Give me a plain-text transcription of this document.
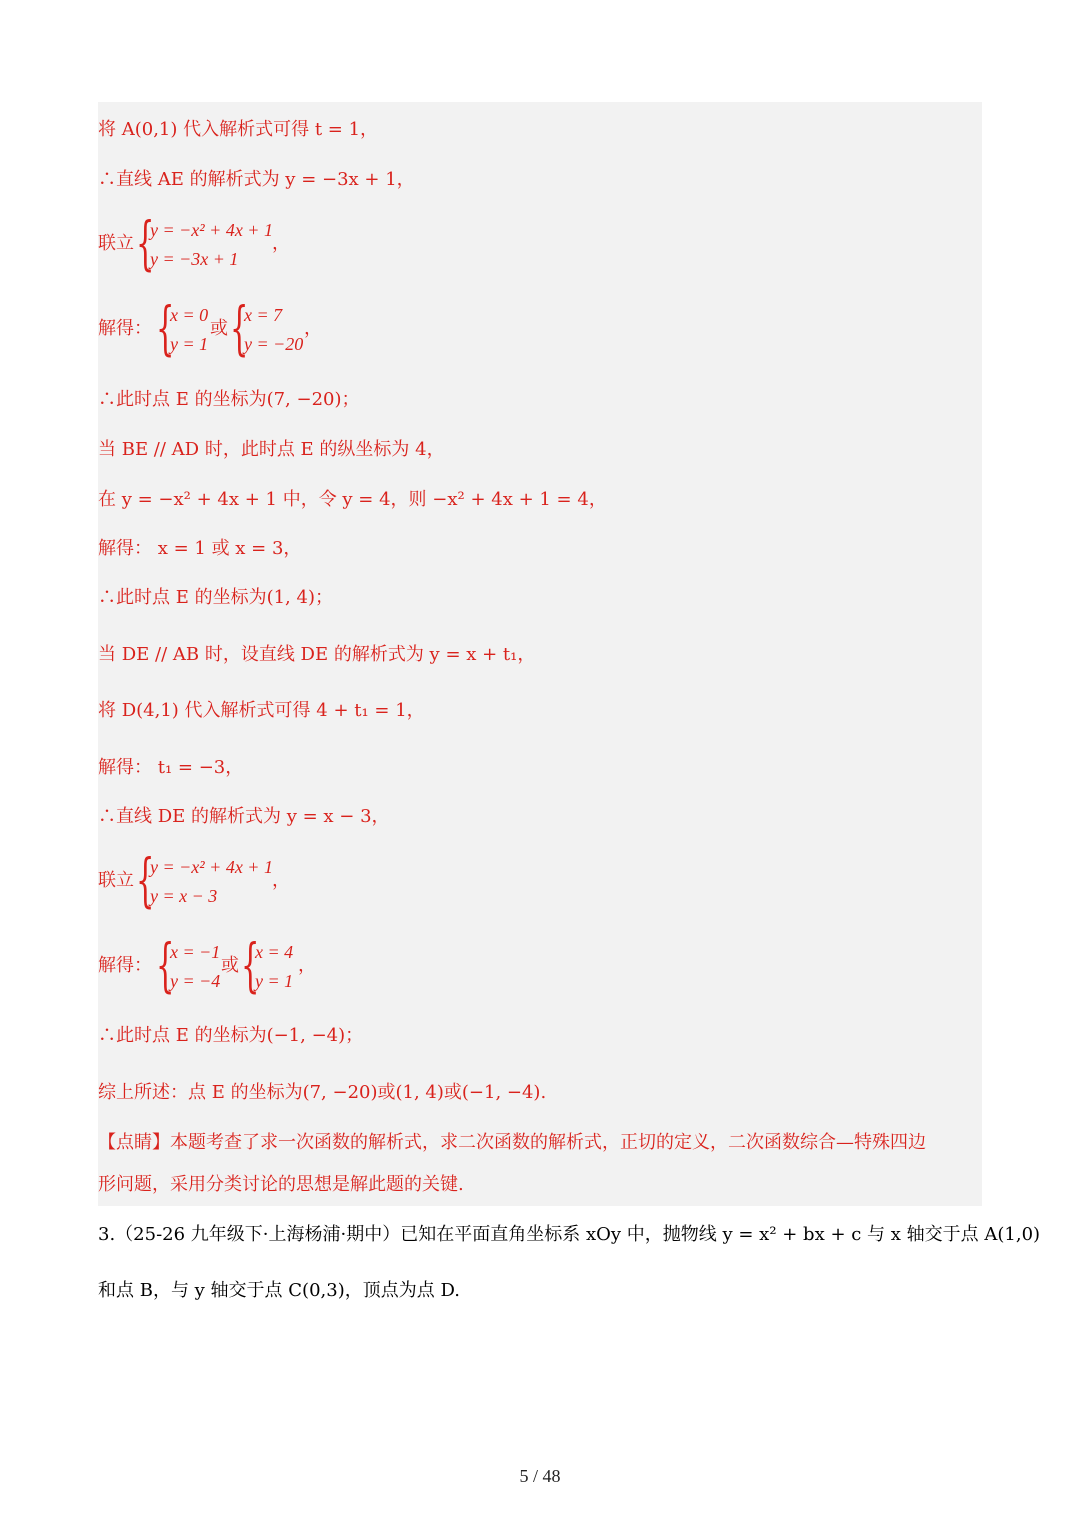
将 A(0,1) 代入解析式可得 t = 1，
∴直线 AE 的解析式为 y = −3x + 1，
联立 {
y = −x² + 4x + 1
y = −3x + 1
，
解得： {
x = 0
y = 1
或 {
x = 7
y = −20
，
∴此时点 E 的坐标为(7, −20)；
当 BE // AD 时，此时点 E 的纵坐标为 4，
在 y = −x² + 4x + 1 中，令 y = 4，则 −x² + 4x + 1 = 4，
解得： x = 1 或 x = 3，
∴此时点 E 的坐标为(1, 4)；
当 DE // AB 时，设直线 DE 的解析式为 y = x + t₁，
将 D(4,1) 代入解析式可得 4 + t₁ = 1，
解得： t₁ = −3，
∴直线 DE 的解析式为 y = x − 3，
联立 {
y = −x² + 4x + 1
y = x − 3
，
解得： {
x = −1
y = −4
或 {
x = 4
y = 1
，
∴此时点 E 的坐标为(−1, −4)；
综上所述：点 E 的坐标为(7, −20)或(1, 4)或(−1, −4).
【点睛】本题考查了求一次函数的解析式，求二次函数的解析式，正切的定义，二次函数综合—特殊四边
形问题，采用分类讨论的思想是解此题的关键.
3.（25-26 九年级下·上海杨浦·期中）已知在平面直角坐标系 xOy 中，抛物线 y = x² + bx + c 与 x 轴交于点 A(1,0)
和点 B，与 y 轴交于点 C(0,3)，顶点为点 D.
5 / 48
